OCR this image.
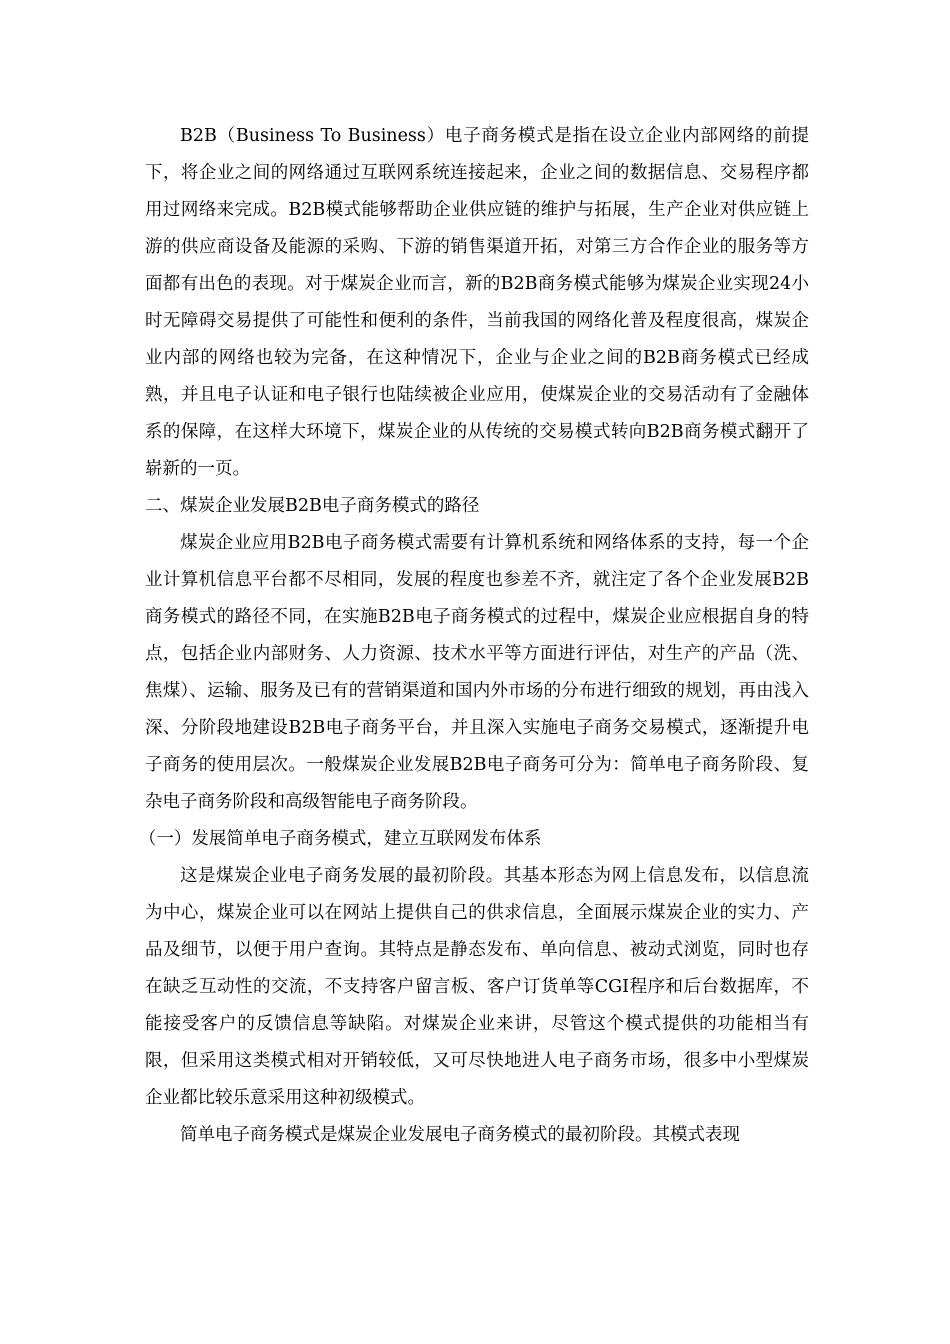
B2B（Business To Business）电子商务模式是指在设立企业内部网络的前提下，将企业之间的网络通过互联网系统连接起来，企业之间的数据信息、交易程序都用过网络来完成。B2B模式能够帮助企业供应链的维护与拓展，生产企业对供应链上游的供应商设备及能源的采购、下游的销售渠道开拓，对第三方合作企业的服务等方面都有出色的表现。对于煤炭企业而言，新的B2B商务模式能够为煤炭企业实现24小时无障碍交易提供了可能性和便利的条件，当前我国的网络化普及程度很高，煤炭企业内部的网络也较为完备，在这种情况下，企业与企业之间的B2B商务模式已经成熟，并且电子认证和电子银行也陆续被企业应用，使煤炭企业的交易活动有了金融体系的保障，在这样大环境下，煤炭企业的从传统的交易模式转向B2B商务模式翻开了崭新的一页。

二、煤炭企业发展B2B电子商务模式的路径

煤炭企业应用B2B电子商务模式需要有计算机系统和网络体系的支持，每一个企业计算机信息平台都不尽相同，发展的程度也参差不齐，就注定了各个企业发展B2B商务模式的路径不同，在实施B2B电子商务模式的过程中，煤炭企业应根据自身的特点，包括企业内部财务、人力资源、技术水平等方面进行评估，对生产的产品（洗、焦煤）、运输、服务及已有的营销渠道和国内外市场的分布进行细致的规划，再由浅入深、分阶段地建设B2B电子商务平台，并且深入实施电子商务交易模式，逐渐提升电子商务的使用层次。一般煤炭企业发展B2B电子商务可分为：简单电子商务阶段、复杂电子商务阶段和高级智能电子商务阶段。

（一）发展简单电子商务模式，建立互联网发布体系

这是煤炭企业电子商务发展的最初阶段。其基本形态为网上信息发布，以信息流为中心，煤炭企业可以在网站上提供自己的供求信息，全面展示煤炭企业的实力、产品及细节，以便于用户查询。其特点是静态发布、单向信息、被动式浏览，同时也存在缺乏互动性的交流，不支持客户留言板、客户订货单等CGI程序和后台数据库，不能接受客户的反馈信息等缺陷。对煤炭企业来讲，尽管这个模式提供的功能相当有限，但采用这类模式相对开销较低，又可尽快地进人电子商务市场，很多中小型煤炭企业都比较乐意采用这种初级模式。

简单电子商务模式是煤炭企业发展电子商务模式的最初阶段。其模式表现
